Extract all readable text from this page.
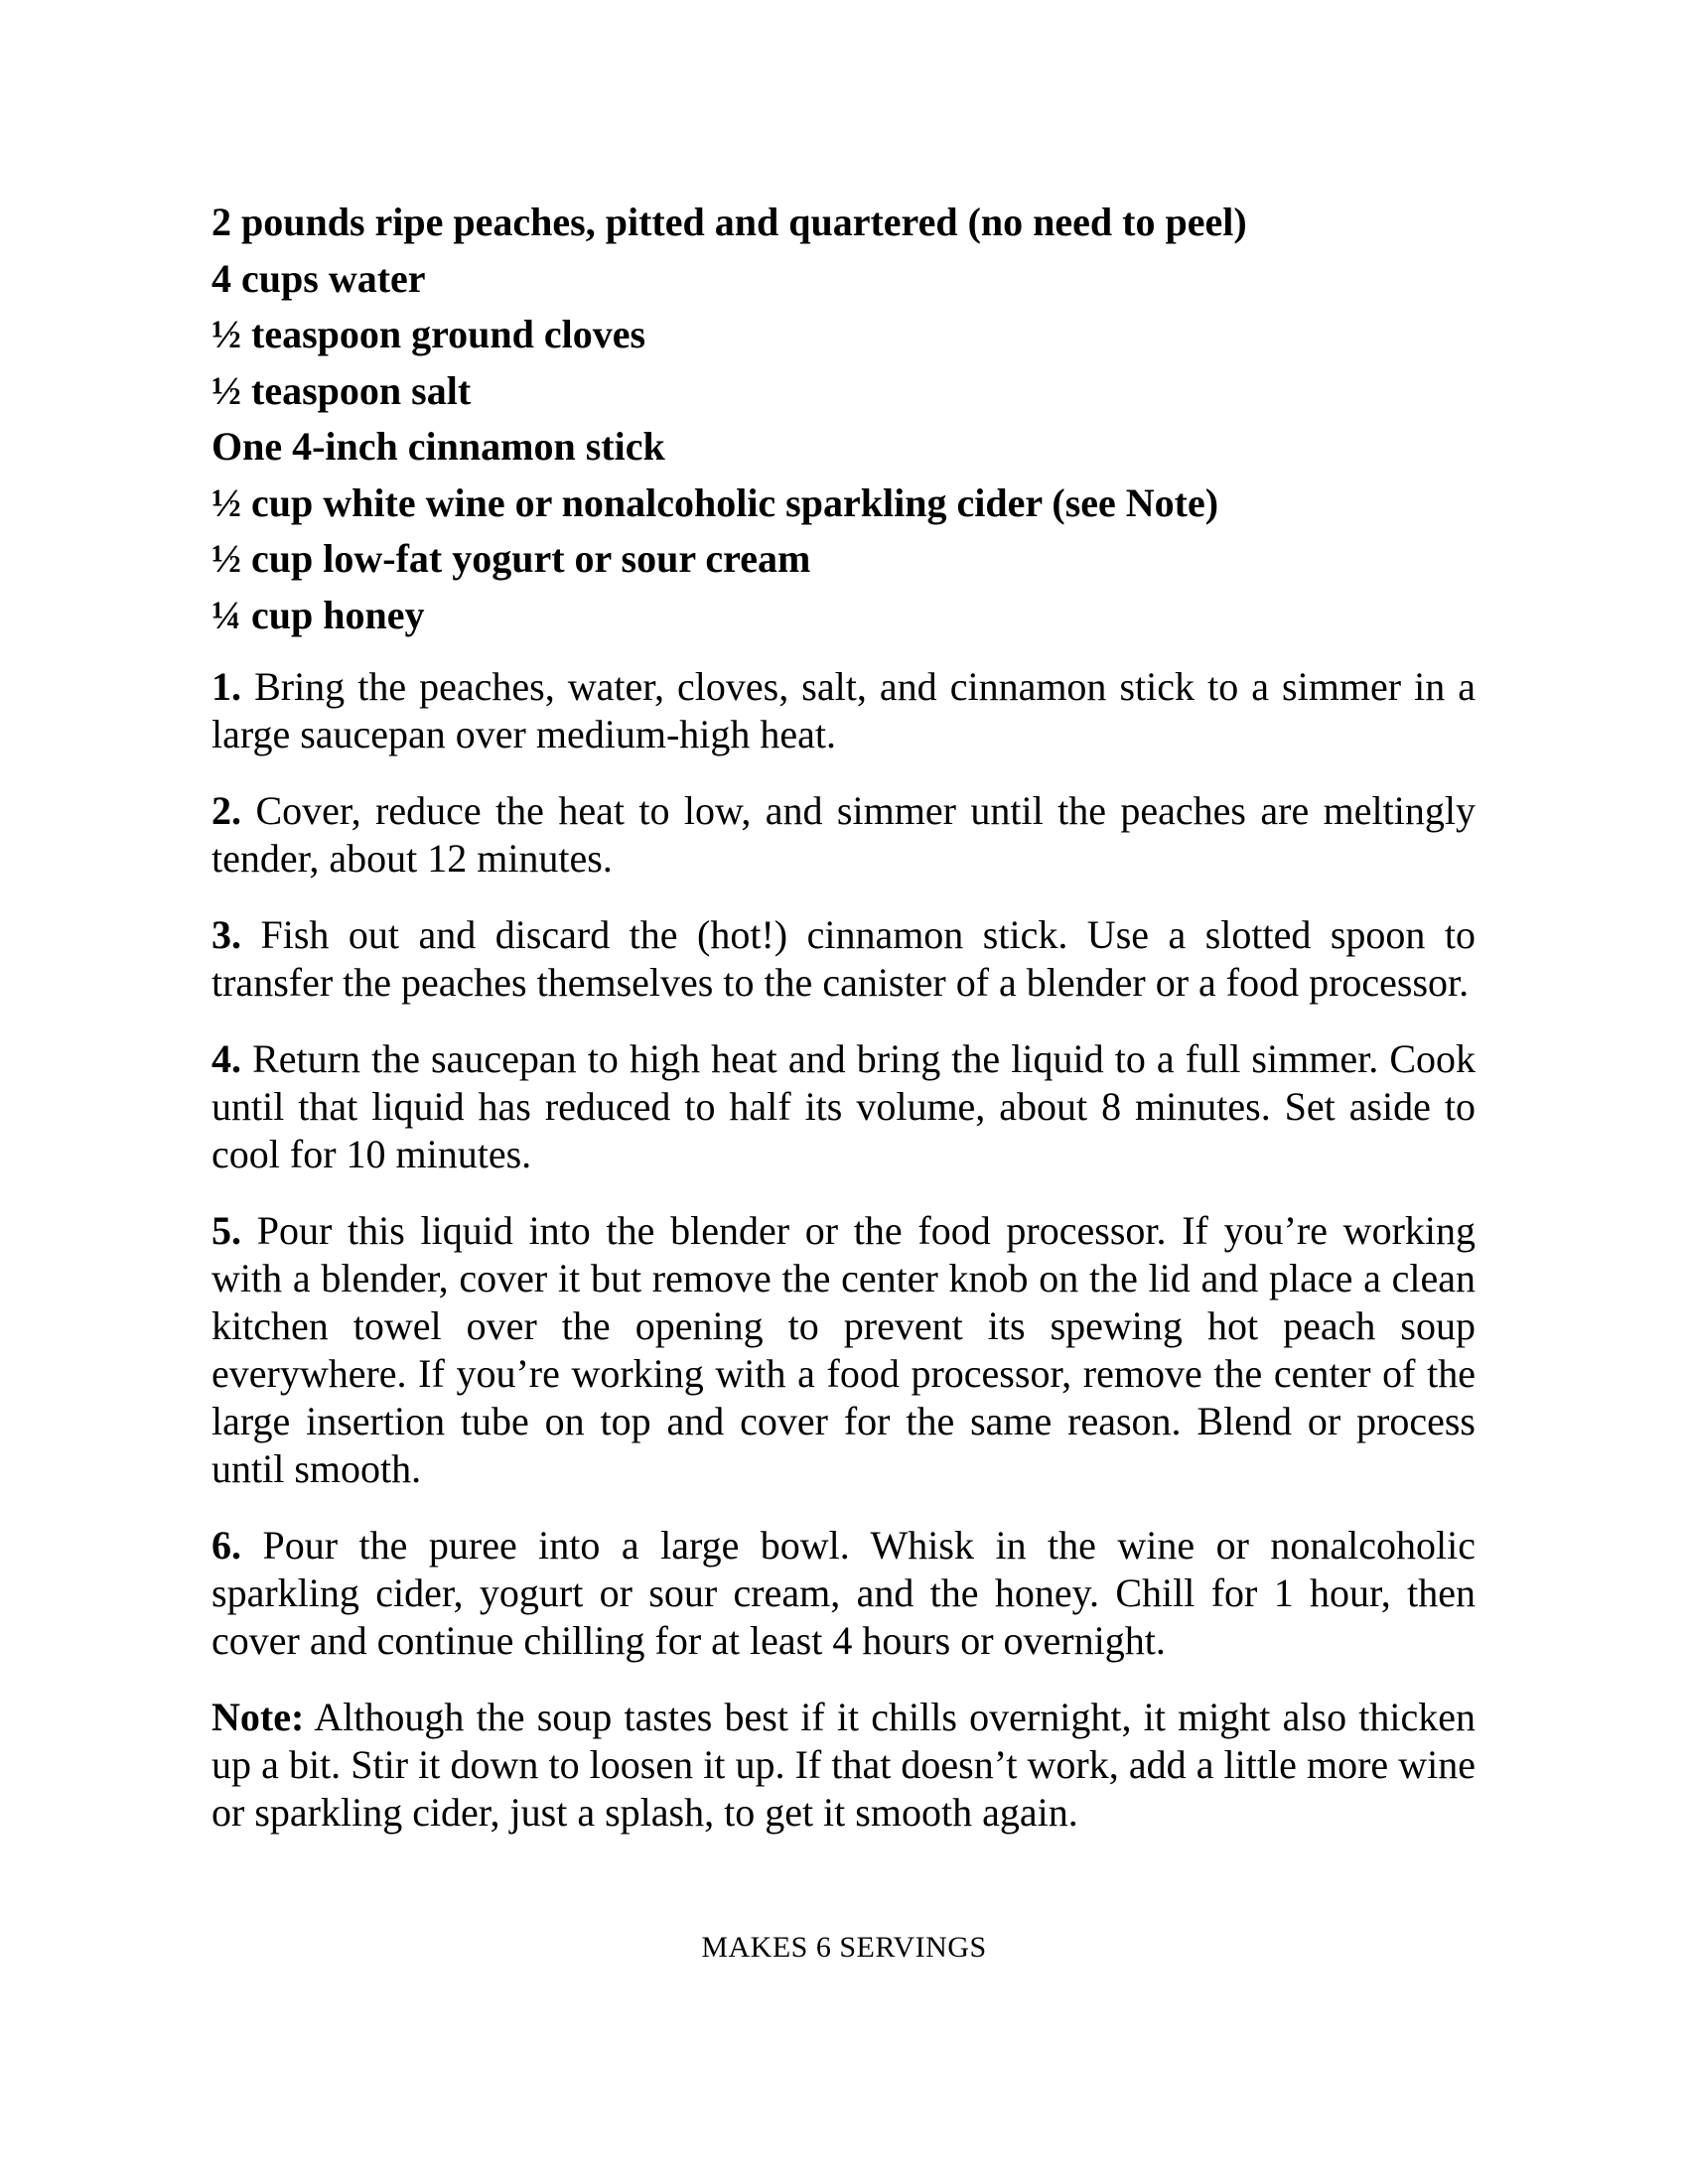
2 pounds ripe peaches, pitted and quartered (no need to peel)
4 cups water
½ teaspoon ground cloves
½ teaspoon salt
One 4-inch cinnamon stick
½ cup white wine or nonalcoholic sparkling cider (see Note)
½ cup low-fat yogurt or sour cream
¼ cup honey

1. Bring the peaches, water, cloves, salt, and cinnamon stick to a simmer in a large saucepan over medium-high heat.

2. Cover, reduce the heat to low, and simmer until the peaches are meltingly tender, about 12 minutes.

3. Fish out and discard the (hot!) cinnamon stick. Use a slotted spoon to transfer the peaches themselves to the canister of a blender or a food processor.

4. Return the saucepan to high heat and bring the liquid to a full simmer. Cook until that liquid has reduced to half its volume, about 8 minutes. Set aside to cool for 10 minutes.

5. Pour this liquid into the blender or the food processor. If you’re working with a blender, cover it but remove the center knob on the lid and place a clean kitchen towel over the opening to prevent its spewing hot peach soup everywhere. If you’re working with a food processor, remove the center of the large insertion tube on top and cover for the same reason. Blend or process until smooth.

6. Pour the puree into a large bowl. Whisk in the wine or nonalcoholic sparkling cider, yogurt or sour cream, and the honey. Chill for 1 hour, then cover and continue chilling for at least 4 hours or overnight.

Note: Although the soup tastes best if it chills overnight, it might also thicken up a bit. Stir it down to loosen it up. If that doesn’t work, add a little more wine or sparkling cider, just a splash, to get it smooth again.

MAKES 6 SERVINGS
